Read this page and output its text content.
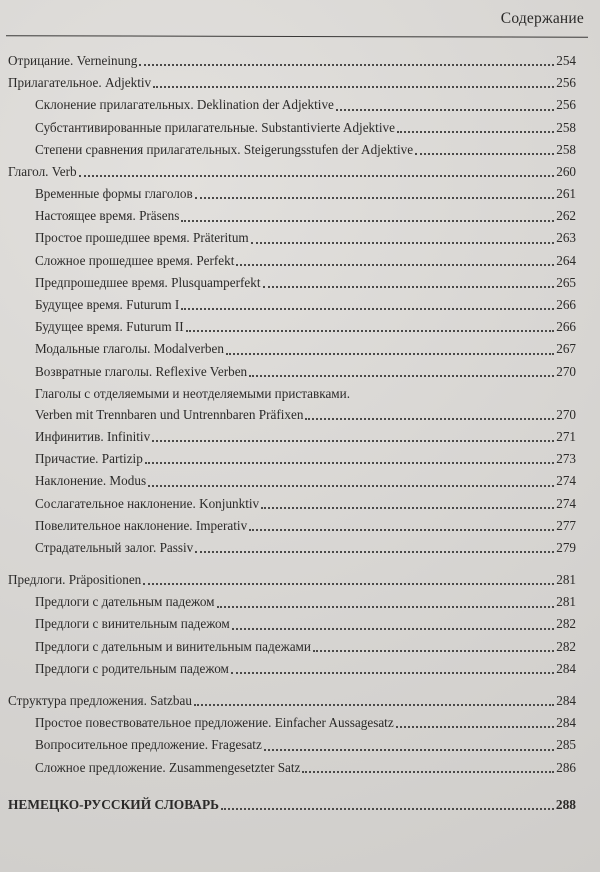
Содержание
Отрицание. Verneinung	254
Прилагательное. Adjektiv	256
Склонение прилагательных. Deklination der Adjektive	256
Субстантивированные прилагательные. Substantivierte Adjektive	258
Степени сравнения прилагательных. Steigerungsstufen der Adjektive	258
Глагол. Verb	260
Временные формы глаголов	261
Настоящее время. Präsens	262
Простое прошедшее время. Präteritum	263
Сложное прошедшее время. Perfekt	264
Предпрошедшее время. Plusquamperfekt	265
Будущее время. Futurum I	266
Будущее время. Futurum II	266
Модальные глаголы. Modalverben	267
Возвратные глаголы. Reflexive Verben	270
Глаголы с отделяемыми и неотделяемыми приставками.
Verben mit Trennbaren und Untrennbaren Präfixen	270
Инфинитив. Infinitiv	271
Причастие. Partizip	273
Наклонение. Modus	274
Сослагательное наклонение. Konjunktiv	274
Повелительное наклонение. Imperativ	277
Страдательный залог. Passiv	279
Предлоги. Präpositionen	281
Предлоги с дательным падежом	281
Предлоги с винительным падежом	282
Предлоги с дательным и винительным падежами	282
Предлоги с родительным падежом	284
Структура предложения. Satzbau	284
Простое повествовательное предложение. Einfacher Aussagesatz	284
Вопросительное предложение. Fragesatz	285
Сложное предложение. Zusammengesetzter Satz	286
НЕМЕЦКО-РУССКИЙ СЛОВАРЬ	288
